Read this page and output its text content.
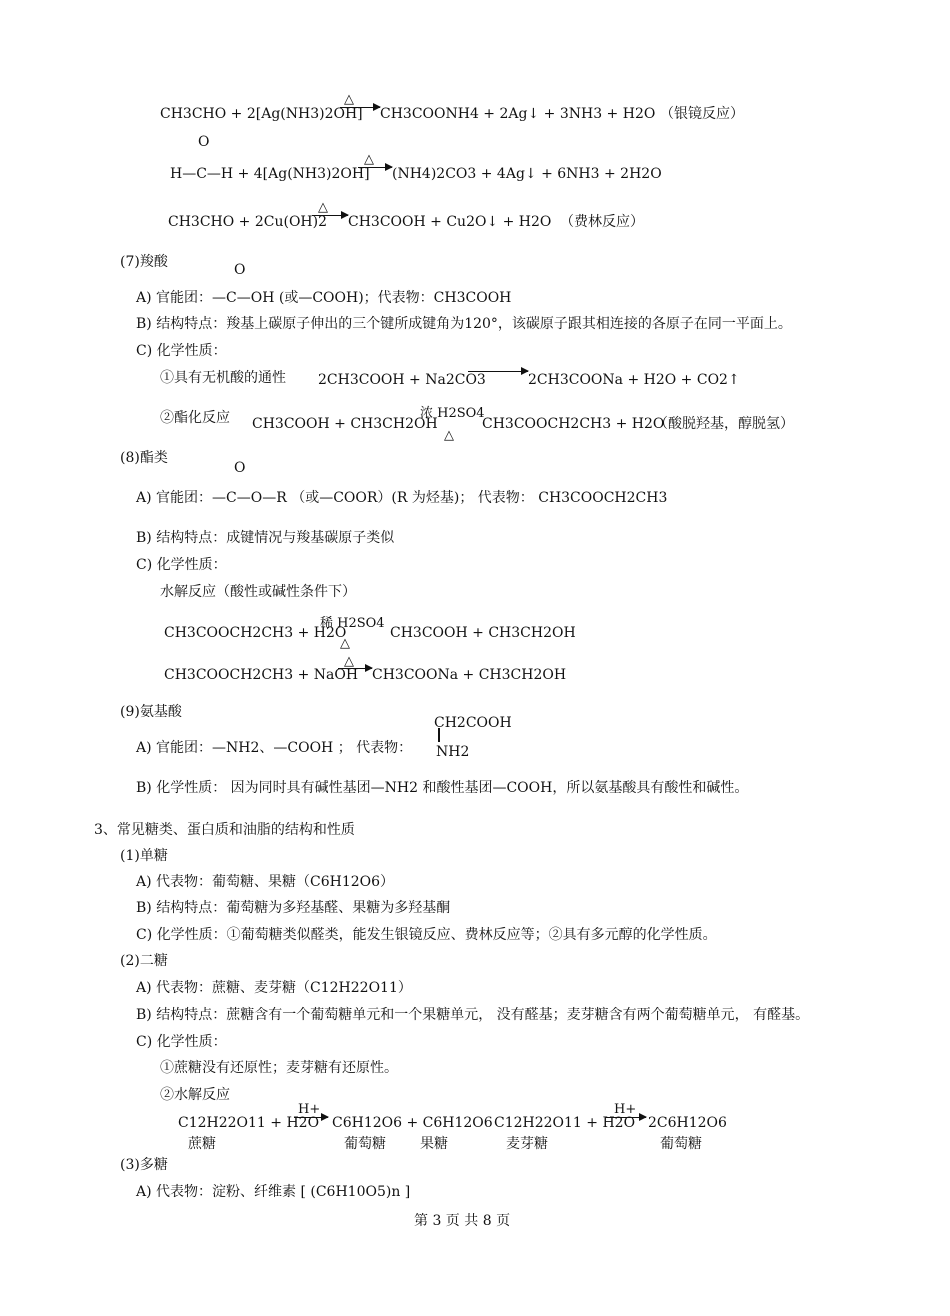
CH3CHO + 2[Ag(NH3)2OH]
△
→ CH3COONH4 + 2Ag↓ + 3NH3 + H2O （银镜反应）
O
H—C—H + 4[Ag(NH3)2OH]
△
→ (NH4)2CO3 + 4Ag↓ + 6NH3 + 2H2O
CH3CHO + 2Cu(OH)2
△
→ CH3COOH + Cu2O↓ + H2O （费林反应）
(7)羧酸	O
A) 官能团：—C—OH (或—COOH)；代表物：CH3COOH
B) 结构特点：羧基上碳原子伸出的三个键所成键角为120°，该碳原子跟其相连接的各原子在同一平面上。
C) 化学性质：
①具有无机酸的通性 2CH3COOH + Na2CO3	2CH3COONa + H2O + CO2↑
②酯化反应 CH3COOH + CH3CH2OH
浓 H2SO4
△
CH3COOCH2CH3 + H2O
（酸脱羟基，醇脱氢）
(8)酯类
O
A) 官能团：—C—O—R （或—COOR）(R 为烃基)； 代表物： CH3COOCH2CH3
B) 结构特点：成键情况与羧基碳原子类似
C) 化学性质：
水解反应（酸性或碱性条件下）
CH3COOCH2CH3 + H2O
稀 H2SO4
△
CH3COOH + CH3CH2OH
CH3COOCH2CH3 + NaOH
△
→ CH3COONa + CH3CH2OH
(9)氨基酸
A) 官能团：—NH2、—COOH ； 代表物：
CH2COOH
NH2
B) 化学性质： 因为同时具有碱性基团—NH2 和酸性基团—COOH，所以氨基酸具有酸性和碱性。
3、常见糖类、蛋白质和油脂的结构和性质
(1)单糖
A) 代表物：葡萄糖、果糖（C6H12O6）
B) 结构特点：葡萄糖为多羟基醛、果糖为多羟基酮
C) 化学性质：①葡萄糖类似醛类，能发生银镜反应、费林反应等；②具有多元醇的化学性质。
(2)二糖
A) 代表物：蔗糖、麦芽糖（C12H22O11）
B) 结构特点：蔗糖含有一个葡萄糖单元和一个果糖单元， 没有醛基；麦芽糖含有两个葡萄糖单元， 有醛基。
C) 化学性质：
①蔗糖没有还原性；麦芽糖有还原性。
②水解反应
C12H22O11 + H2O
H+
→ C6H12O6 + C6H12O6
蔗糖	葡萄糖 果糖
C12H22O11 + H2O
H+
→ 2C6H12O6
麦芽糖	葡萄糖
(3)多糖
A) 代表物：淀粉、纤维素 [ (C6H10O5)n ]
第 3 页 共 8 页
